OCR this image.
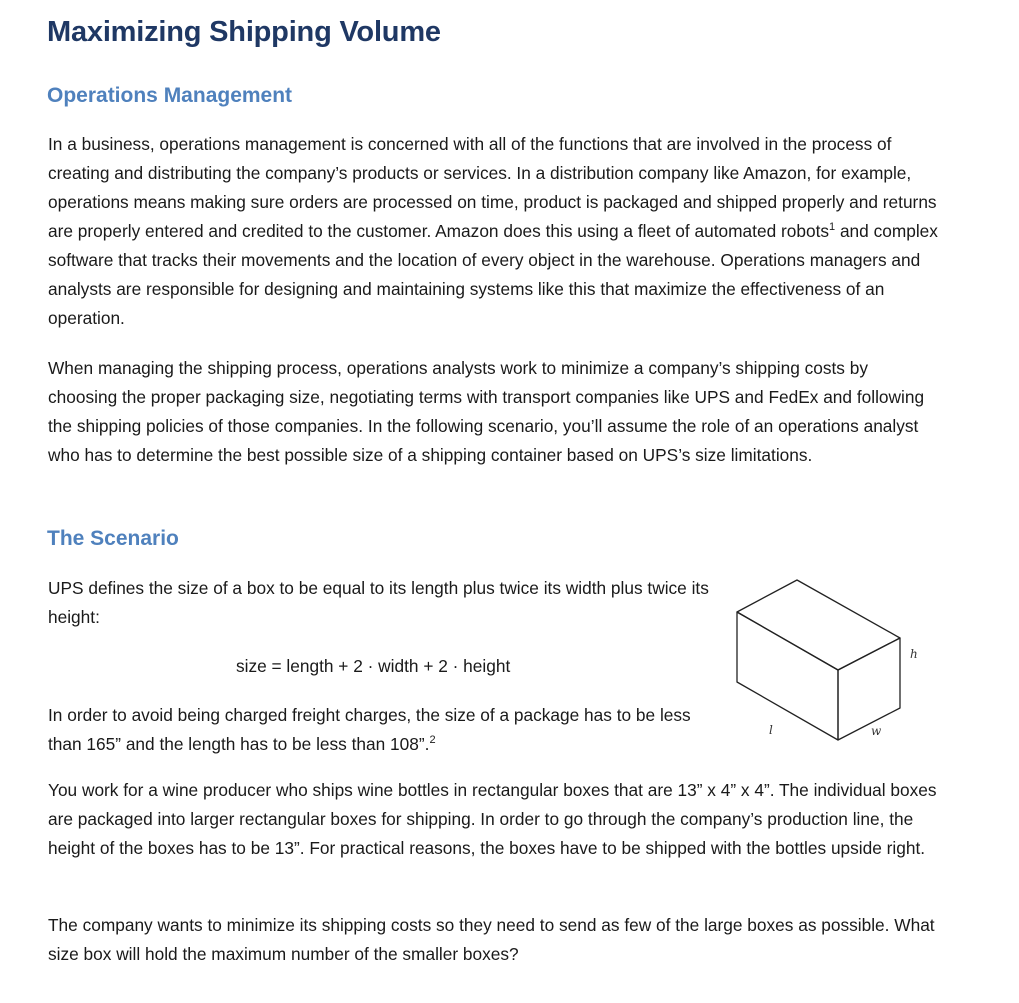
Maximizing Shipping Volume
Operations Management

In a business, operations management is concerned with all of the functions that are involved in the process of creating and distributing the company’s products or services. In a distribution company like Amazon, for example, operations means making sure orders are processed on time, product is packaged and shipped properly and returns are properly entered and credited to the customer. Amazon does this using a fleet of automated robots$^1$ and complex software that tracks their movements and the location of every object in the warehouse. Operations managers and analysts are responsible for designing and maintaining systems like this that maximize the effectiveness of an operation.

When managing the shipping process, operations analysts work to minimize a company’s shipping costs by choosing the proper packaging size, negotiating terms with transport companies like UPS and FedEx and following the shipping policies of those companies. In the following scenario, you’ll assume the role of an operations analyst who has to determine the best possible size of a shipping container based on UPS’s size limitations.

The Scenario

UPS defines the size of a box to be equal to its length plus twice its width plus twice its height:

size = length + 2 · width + 2 · height

In order to avoid being charged freight charges, the size of a package has to be less than 165” and the length has to be less than 108”.$^2$

h
l	w

You work for a wine producer who ships wine bottles in rectangular boxes that are 13” x 4” x 4”. The individual boxes are packaged into larger rectangular boxes for shipping. In order to go through the company’s production line, the height of the boxes has to be 13”. For practical reasons, the boxes have to be shipped with the bottles upside right.

The company wants to minimize its shipping costs so they need to send as few of the large boxes as possible. What size box will hold the maximum number of the smaller boxes?
